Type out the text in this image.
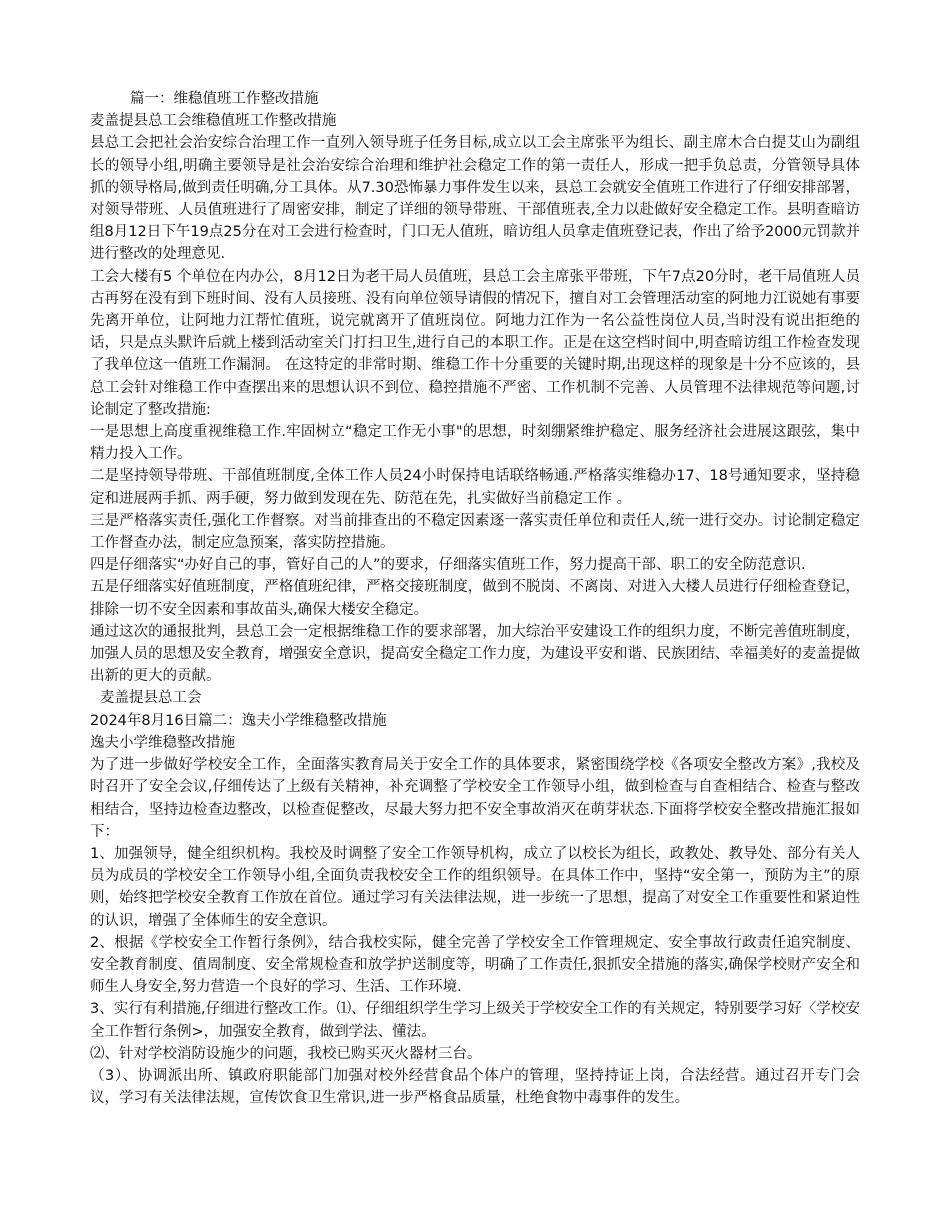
篇一：维稳值班工作整改措施

麦盖提县总工会维稳值班工作整改措施

县总工会把社会治安综合治理工作一直列入领导班子任务目标,成立以工会主席张平为组长、副主席木合白提艾山为副组长的领导小组,明确主要领导是社会治安综合治理和维护社会稳定工作的第一责任人，形成一把手负总责，分管领导具体抓的领导格局,做到责任明确,分工具体。从7.30恐怖暴力事件发生以来，县总工会就安全值班工作进行了仔细安排部署，对领导带班、人员值班进行了周密安排，制定了详细的领导带班、干部值班表,全力以赴做好安全稳定工作。县明查暗访组8月12日下午19点25分在对工会进行检查时，门口无人值班，暗访组人员拿走值班登记表，作出了给予2000元罚款并进行整改的处理意见.

工会大楼有5 个单位在内办公，8月12日为老干局人员值班，县总工会主席张平带班，下午7点20分时，老干局值班人员古再努在没有到下班时间、没有人员接班、没有向单位领导请假的情况下，擅自对工会管理活动室的阿地力江说她有事要先离开单位，让阿地力江帮忙值班，说完就离开了值班岗位。阿地力江作为一名公益性岗位人员,当时没有说出拒绝的话，只是点头默许后就上楼到活动室关门打扫卫生,进行自己的本职工作。正是在这空档时间中,明查暗访组工作检查发现了我单位这一值班工作漏洞。 在这特定的非常时期、维稳工作十分重要的关键时期,出现这样的现象是十分不应该的，县总工会针对维稳工作中查摆出来的思想认识不到位、稳控措施不严密、工作机制不完善、人员管理不法律规范等问题,讨论制定了整改措施:

一是思想上高度重视维稳工作.牢固树立“稳定工作无小事"的思想，时刻绷紧维护稳定、服务经济社会进展这跟弦，集中精力投入工作。

二是坚持领导带班、干部值班制度,全体工作人员24小时保持电话联络畅通.严格落实维稳办17、18号通知要求，坚持稳定和进展两手抓、两手硬，努力做到发现在先、防范在先，扎实做好当前稳定工作 。

三是严格落实责任,强化工作督察。对当前排查出的不稳定因素逐一落实责任单位和责任人,统一进行交办。讨论制定稳定工作督查办法，制定应急预案，落实防控措施。

四是仔细落实“办好自己的事，管好自己的人”的要求，仔细落实值班工作，努力提高干部、职工的安全防范意识.

五是仔细落实好值班制度，严格值班纪律，严格交接班制度，做到不脱岗、不离岗、对进入大楼人员进行仔细检查登记，排除一切不安全因素和事故苗头,确保大楼安全稳定。

通过这次的通报批判，县总工会一定根据维稳工作的要求部署，加大综治平安建设工作的组织力度，不断完善值班制度，加强人员的思想及安全教育，增强安全意识，提高安全稳定工作力度，为建设平安和谐、民族团结、幸福美好的麦盖提做出新的更大的贡献。

麦盖提县总工会

2024年8月16日篇二：逸夫小学维稳整改措施

逸夫小学维稳整改措施

为了进一步做好学校安全工作，全面落实教育局关于安全工作的具体要求，紧密围绕学校《各项安全整改方案》,我校及时召开了安全会议,仔细传达了上级有关精神，补充调整了学校安全工作领导小组，做到检查与自查相结合、检查与整改相结合，坚持边检查边整改，以检查促整改，尽最大努力把不安全事故消灭在萌芽状态.下面将学校安全整改措施汇报如下：

1、加强领导，健全组织机构。我校及时调整了安全工作领导机构，成立了以校长为组长，政教处、教导处、部分有关人员为成员的学校安全工作领导小组,全面负责我校安全工作的组织领导。在具体工作中，坚持“安全第一，预防为主”的原则，始终把学校安全教育工作放在首位。通过学习有关法律法规，进一步统一了思想，提高了对安全工作重要性和紧迫性的认识，增强了全体师生的安全意识。

2、根据《学校安全工作暂行条例》，结合我校实际，健全完善了学校安全工作管理规定、安全事故行政责任追究制度、安全教育制度、值周制度、安全常规检查和放学护送制度等，明确了工作责任,狠抓安全措施的落实,确保学校财产安全和师生人身安全,努力营造一个良好的学习、生活、工作环境.

3、实行有利措施,仔细进行整改工作。⑴、仔细组织学生学习上级关于学校安全工作的有关规定，特别要学习好〈学校安全工作暂行条例>，加强安全教育，做到学法、懂法。

⑵、针对学校消防设施少的问题，我校已购买灭火器材三台。

（3）、协调派出所、镇政府职能部门加强对校外经营食品个体户的管理，坚持持证上岗，合法经营。通过召开专门会议，学习有关法律法规，宣传饮食卫生常识,进一步严格食品质量，杜绝食物中毒事件的发生。
